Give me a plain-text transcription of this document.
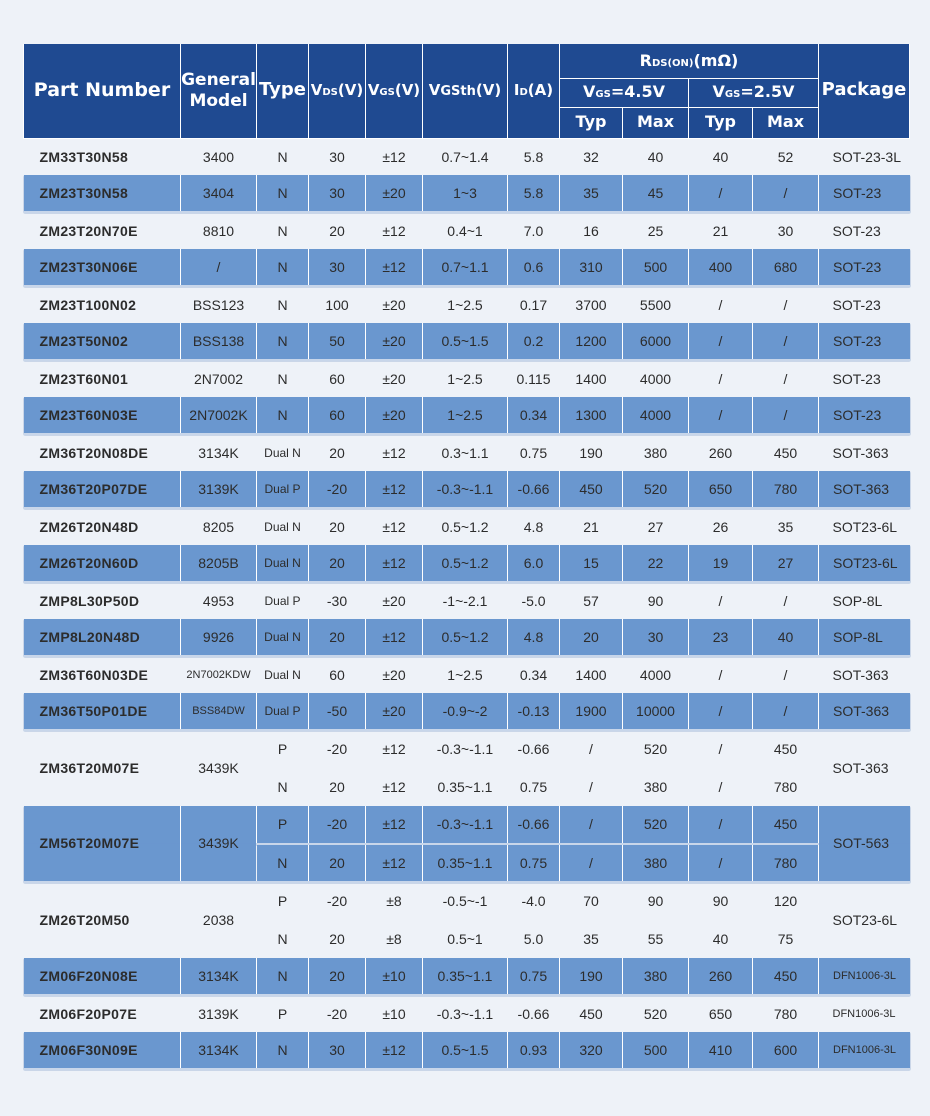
Part Number	General
Model	Type	VDS(V)	VGS(V)	VGSth(V)	ID(A)	RDS(ON)(mΩ)				Package
							VGS=4.5V		VGS=2.5V		
							Typ	Max	Typ	Max	
ZM33T30N58	3400	N	30	±12	0.7~1.4	5.8	32	40	40	52	SOT-23-3L
ZM23T30N58	3404	N	30	±20	1~3	5.8	35	45	/	/	SOT-23
ZM23T20N70E	8810	N	20	±12	0.4~1	7.0	16	25	21	30	SOT-23
ZM23T30N06E	/	N	30	±12	0.7~1.1	0.6	310	500	400	680	SOT-23
ZM23T100N02	BSS123	N	100	±20	1~2.5	0.17	3700	5500	/	/	SOT-23
ZM23T50N02	BSS138	N	50	±20	0.5~1.5	0.2	1200	6000	/	/	SOT-23
ZM23T60N01	2N7002	N	60	±20	1~2.5	0.115	1400	4000	/	/	SOT-23
ZM23T60N03E	2N7002K	N	60	±20	1~2.5	0.34	1300	4000	/	/	SOT-23
ZM36T20N08DE	3134K	Dual N	20	±12	0.3~1.1	0.75	190	380	260	450	SOT-363
ZM36T20P07DE	3139K	Dual P	-20	±12	-0.3~-1.1	-0.66	450	520	650	780	SOT-363
ZM26T20N48D	8205	Dual N	20	±12	0.5~1.2	4.8	21	27	26	35	SOT23-6L
ZM26T20N60D	8205B	Dual N	20	±12	0.5~1.2	6.0	15	22	19	27	SOT23-6L
ZMP8L30P50D	4953	Dual P	-30	±20	-1~-2.1	-5.0	57	90	/	/	SOP-8L
ZMP8L20N48D	9926	Dual N	20	±12	0.5~1.2	4.8	20	30	23	40	SOP-8L
ZM36T60N03DE	2N7002KDW	Dual N	60	±20	1~2.5	0.34	1400	4000	/	/	SOT-363
ZM36T50P01DE	BSS84DW	Dual P	-50	±20	-0.9~-2	-0.13	1900	10000	/	/	SOT-363
ZM36T20M07E	3439K	P	-20	±12	-0.3~-1.1	-0.66	/	520	/	450	SOT-363
		N	20	±12	0.35~1.1	0.75	/	380	/	780	
ZM56T20M07E	3439K	P	-20	±12	-0.3~-1.1	-0.66	/	520	/	450	SOT-563
		N	20	±12	0.35~1.1	0.75	/	380	/	780	
ZM26T20M50	2038	P	-20	±8	-0.5~-1	-4.0	70	90	90	120	SOT23-6L
		N	20	±8	0.5~1	5.0	35	55	40	75	
ZM06F20N08E	3134K	N	20	±10	0.35~1.1	0.75	190	380	260	450	DFN1006-3L
ZM06F20P07E	3139K	P	-20	±10	-0.3~-1.1	-0.66	450	520	650	780	DFN1006-3L
ZM06F30N09E	3134K	N	30	±12	0.5~1.5	0.93	320	500	410	600	DFN1006-3L
